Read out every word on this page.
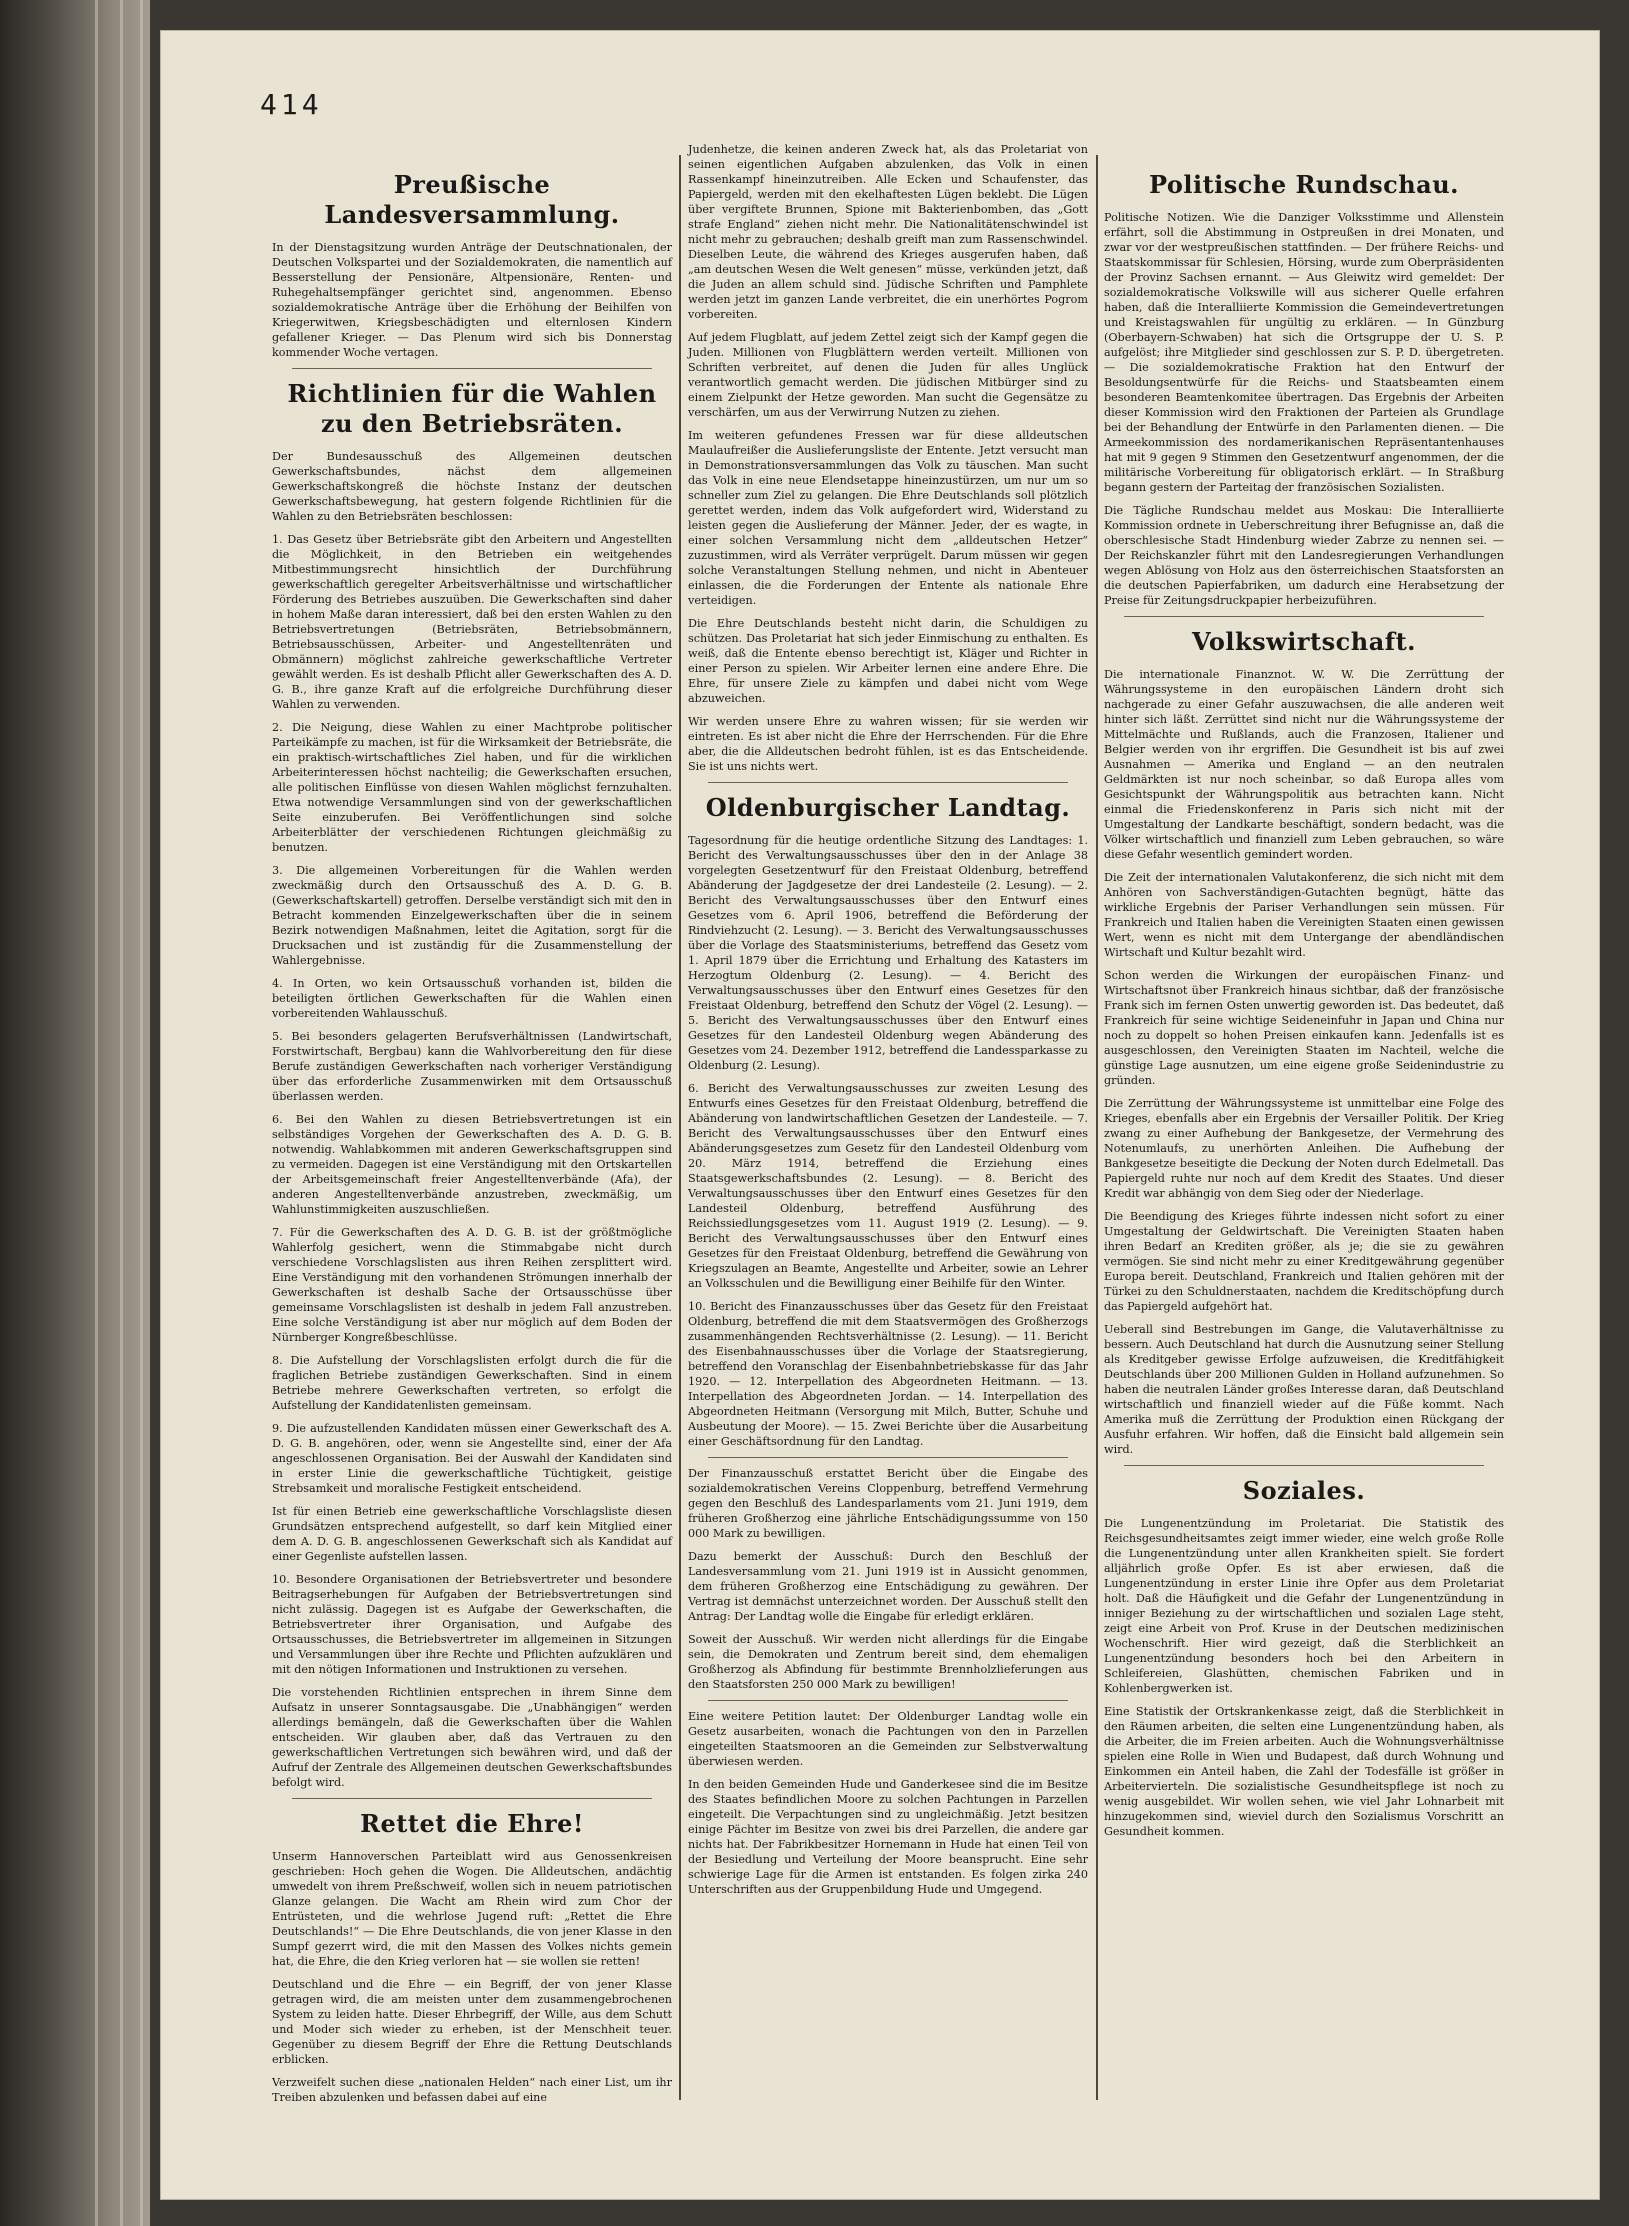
414
Preußische Landesversammlung.

In der Dienstagsitzung wurden Anträge der Deutschnationalen, der Deutschen Volkspartei und der Sozialdemokraten, die namentlich auf Besserstellung der Pensionäre, Altpensionäre, Renten- und Ruhegehaltsempfänger gerichtet sind, angenommen. Ebenso sozialdemokratische Anträge über die Erhöhung der Beihilfen von Kriegerwitwen, Kriegsbeschädigten und elternlosen Kindern gefallener Krieger. — Das Plenum wird sich bis Donnerstag kommender Woche vertagen.

Richtlinien für die Wahlen zu den Betriebsräten.

Der Bundesausschuß des Allgemeinen deutschen Gewerkschaftsbundes, nächst dem allgemeinen Gewerkschaftskongreß die höchste Instanz der deutschen Gewerkschaftsbewegung, hat gestern folgende Richtlinien für die Wahlen zu den Betriebsräten beschlossen:

1. Das Gesetz über Betriebsräte gibt den Arbeitern und Angestellten die Möglichkeit, in den Betrieben ein weitgehendes Mitbestimmungsrecht hinsichtlich der Durchführung gewerkschaftlich geregelter Arbeitsverhältnisse und wirtschaftlicher Förderung des Betriebes auszuüben. Die Gewerkschaften sind daher in hohem Maße daran interessiert, daß bei den ersten Wahlen zu den Betriebsvertretungen (Betriebsräten, Betriebsobmännern, Betriebsausschüssen, Arbeiter- und Angestelltenräten und Obmännern) möglichst zahlreiche gewerkschaftliche Vertreter gewählt werden. Es ist deshalb Pflicht aller Gewerkschaften des A. D. G. B., ihre ganze Kraft auf die erfolgreiche Durchführung dieser Wahlen zu verwenden.

2. Die Neigung, diese Wahlen zu einer Machtprobe politischer Parteikämpfe zu machen, ist für die Wirksamkeit der Betriebsräte, die ein praktisch-wirtschaftliches Ziel haben, und für die wirklichen Arbeiterinteressen höchst nachteilig; die Gewerkschaften ersuchen, alle politischen Einflüsse von diesen Wahlen möglichst fernzuhalten. Etwa notwendige Versammlungen sind von der gewerkschaftlichen Seite einzuberufen. Bei Veröffentlichungen sind solche Arbeiterblätter der verschiedenen Richtungen gleichmäßig zu benutzen.

3. Die allgemeinen Vorbereitungen für die Wahlen werden zweckmäßig durch den Ortsausschuß des A. D. G. B. (Gewerkschaftskartell) getroffen. Derselbe verständigt sich mit den in Betracht kommenden Einzelgewerkschaften über die in seinem Bezirk notwendigen Maßnahmen, leitet die Agitation, sorgt für die Drucksachen und ist zuständig für die Zusammenstellung der Wahlergebnisse.

4. In Orten, wo kein Ortsausschuß vorhanden ist, bilden die beteiligten örtlichen Gewerkschaften für die Wahlen einen vorbereitenden Wahlausschuß.

5. Bei besonders gelagerten Berufsverhältnissen (Landwirtschaft, Forstwirtschaft, Bergbau) kann die Wahlvorbereitung den für diese Berufe zuständigen Gewerkschaften nach vorheriger Verständigung über das erforderliche Zusammenwirken mit dem Ortsausschuß überlassen werden.

6. Bei den Wahlen zu diesen Betriebsvertretungen ist ein selbständiges Vorgehen der Gewerkschaften des A. D. G. B. notwendig. Wahlabkommen mit anderen Gewerkschaftsgruppen sind zu vermeiden. Dagegen ist eine Verständigung mit den Ortskartellen der Arbeitsgemeinschaft freier Angestelltenverbände (Afa), der anderen Angestelltenverbände anzustreben, zweckmäßig, um Wahlunstimmigkeiten auszuschließen.

7. Für die Gewerkschaften des A. D. G. B. ist der größtmögliche Wahlerfolg gesichert, wenn die Stimmabgabe nicht durch verschiedene Vorschlagslisten aus ihren Reihen zersplittert wird. Eine Verständigung mit den vorhandenen Strömungen innerhalb der Gewerkschaften ist deshalb Sache der Ortsausschüsse über gemeinsame Vorschlagslisten ist deshalb in jedem Fall anzustreben. Eine solche Verständigung ist aber nur möglich auf dem Boden der Nürnberger Kongreßbeschlüsse.

8. Die Aufstellung der Vorschlagslisten erfolgt durch die für die fraglichen Betriebe zuständigen Gewerkschaften. Sind in einem Betriebe mehrere Gewerkschaften vertreten, so erfolgt die Aufstellung der Kandidatenlisten gemeinsam.

9. Die aufzustellenden Kandidaten müssen einer Gewerkschaft des A. D. G. B. angehören, oder, wenn sie Angestellte sind, einer der Afa angeschlossenen Organisation. Bei der Auswahl der Kandidaten sind in erster Linie die gewerkschaftliche Tüchtigkeit, geistige Strebsamkeit und moralische Festigkeit entscheidend.

Ist für einen Betrieb eine gewerkschaftliche Vorschlagsliste diesen Grundsätzen entsprechend aufgestellt, so darf kein Mitglied einer dem A. D. G. B. angeschlossenen Gewerkschaft sich als Kandidat auf einer Gegenliste aufstellen lassen.

10. Besondere Organisationen der Betriebsvertreter und besondere Beitragserhebungen für Aufgaben der Betriebsvertretungen sind nicht zulässig. Dagegen ist es Aufgabe der Gewerkschaften, die Betriebsvertreter ihrer Organisation, und Aufgabe des Ortsausschusses, die Betriebsvertreter im allgemeinen in Sitzungen und Versammlungen über ihre Rechte und Pflichten aufzuklären und mit den nötigen Informationen und Instruktionen zu versehen.

Die vorstehenden Richtlinien entsprechen in ihrem Sinne dem Aufsatz in unserer Sonntagsausgabe. Die „Unabhängigen“ werden allerdings bemängeln, daß die Gewerkschaften über die Wahlen entscheiden. Wir glauben aber, daß das Vertrauen zu den gewerkschaftlichen Vertretungen sich bewähren wird, und daß der Aufruf der Zentrale des Allgemeinen deutschen Gewerkschaftsbundes befolgt wird.

Rettet die Ehre!

Unserm Hannoverschen Parteiblatt wird aus Genossenkreisen geschrieben: Hoch gehen die Wogen. Die Alldeutschen, andächtig umwedelt von ihrem Preßschweif, wollen sich in neuem patriotischen Glanze gelangen. Die Wacht am Rhein wird zum Chor der Entrüsteten, und die wehrlose Jugend ruft: „Rettet die Ehre Deutschlands!“ — Die Ehre Deutschlands, die von jener Klasse in den Sumpf gezerrt wird, die mit den Massen des Volkes nichts gemein hat, die Ehre, die den Krieg verloren hat — sie wollen sie retten!

Deutschland und die Ehre — ein Begriff, der von jener Klasse getragen wird, die am meisten unter dem zusammengebrochenen System zu leiden hatte. Dieser Ehrbegriff, der Wille, aus dem Schutt und Moder sich wieder zu erheben, ist der Menschheit teuer. Gegenüber zu diesem Begriff der Ehre die Rettung Deutschlands erblicken.

Verzweifelt suchen diese „nationalen Helden“ nach einer List, um ihr Treiben abzulenken und befassen dabei auf eine

Judenhetze, die keinen anderen Zweck hat, als das Proletariat von seinen eigentlichen Aufgaben abzulenken, das Volk in einen Rassenkampf hineinzutreiben. Alle Ecken und Schaufenster, das Papiergeld, werden mit den ekelhaftesten Lügen beklebt. Die Lügen über vergiftete Brunnen, Spione mit Bakterienbomben, das „Gott strafe England“ ziehen nicht mehr. Die Nationalitätenschwindel ist nicht mehr zu gebrauchen; deshalb greift man zum Rassenschwindel. Dieselben Leute, die während des Krieges ausgerufen haben, daß „am deutschen Wesen die Welt genesen“ müsse, verkünden jetzt, daß die Juden an allem schuld sind. Jüdische Schriften und Pamphlete werden jetzt im ganzen Lande verbreitet, die ein unerhörtes Pogrom vorbereiten.

Auf jedem Flugblatt, auf jedem Zettel zeigt sich der Kampf gegen die Juden. Millionen von Flugblättern werden verteilt. Millionen von Schriften verbreitet, auf denen die Juden für alles Unglück verantwortlich gemacht werden. Die jüdischen Mitbürger sind zu einem Zielpunkt der Hetze geworden. Man sucht die Gegensätze zu verschärfen, um aus der Verwirrung Nutzen zu ziehen.

Im weiteren gefundenes Fressen war für diese alldeutschen Maulaufreißer die Auslieferungsliste der Entente. Jetzt versucht man in Demonstrationsversammlungen das Volk zu täuschen. Man sucht das Volk in eine neue Elendsetappe hineinzustürzen, um nur um so schneller zum Ziel zu gelangen. Die Ehre Deutschlands soll plötzlich gerettet werden, indem das Volk aufgefordert wird, Widerstand zu leisten gegen die Auslieferung der Männer. Jeder, der es wagte, in einer solchen Versammlung nicht dem „alldeutschen Hetzer“ zuzustimmen, wird als Verräter verprügelt. Darum müssen wir gegen solche Veranstaltungen Stellung nehmen, und nicht in Abenteuer einlassen, die die Forderungen der Entente als nationale Ehre verteidigen.

Die Ehre Deutschlands besteht nicht darin, die Schuldigen zu schützen. Das Proletariat hat sich jeder Einmischung zu enthalten. Es weiß, daß die Entente ebenso berechtigt ist, Kläger und Richter in einer Person zu spielen. Wir Arbeiter lernen eine andere Ehre. Die Ehre, für unsere Ziele zu kämpfen und dabei nicht vom Wege abzuweichen.

Wir werden unsere Ehre zu wahren wissen; für sie werden wir eintreten. Es ist aber nicht die Ehre der Herrschenden. Für die Ehre aber, die die Alldeutschen bedroht fühlen, ist es das Entscheidende. Sie ist uns nichts wert.

Oldenburgischer Landtag.

Tagesordnung für die heutige ordentliche Sitzung des Landtages: 1. Bericht des Verwaltungsausschusses über den in der Anlage 38 vorgelegten Gesetzentwurf für den Freistaat Oldenburg, betreffend Abänderung der Jagdgesetze der drei Landesteile (2. Lesung). — 2. Bericht des Verwaltungsausschusses über den Entwurf eines Gesetzes vom 6. April 1906, betreffend die Beförderung der Rindviehzucht (2. Lesung). — 3. Bericht des Verwaltungsausschusses über die Vorlage des Staatsministeriums, betreffend das Gesetz vom 1. April 1879 über die Errichtung und Erhaltung des Katasters im Herzogtum Oldenburg (2. Lesung). — 4. Bericht des Verwaltungsausschusses über den Entwurf eines Gesetzes für den Freistaat Oldenburg, betreffend den Schutz der Vögel (2. Lesung). — 5. Bericht des Verwaltungsausschusses über den Entwurf eines Gesetzes für den Landesteil Oldenburg wegen Abänderung des Gesetzes vom 24. Dezember 1912, betreffend die Landessparkasse zu Oldenburg (2. Lesung).

6. Bericht des Verwaltungsausschusses zur zweiten Lesung des Entwurfs eines Gesetzes für den Freistaat Oldenburg, betreffend die Abänderung von landwirtschaftlichen Gesetzen der Landesteile. — 7. Bericht des Verwaltungsausschusses über den Entwurf eines Abänderungsgesetzes zum Gesetz für den Landesteil Oldenburg vom 20. März 1914, betreffend die Erziehung eines Staatsgewerkschaftsbundes (2. Lesung). — 8. Bericht des Verwaltungsausschusses über den Entwurf eines Gesetzes für den Landesteil Oldenburg, betreffend Ausführung des Reichssiedlungsgesetzes vom 11. August 1919 (2. Lesung). — 9. Bericht des Verwaltungsausschusses über den Entwurf eines Gesetzes für den Freistaat Oldenburg, betreffend die Gewährung von Kriegszulagen an Beamte, Angestellte und Arbeiter, sowie an Lehrer an Volksschulen und die Bewilligung einer Beihilfe für den Winter.

10. Bericht des Finanzausschusses über das Gesetz für den Freistaat Oldenburg, betreffend die mit dem Staatsvermögen des Großherzogs zusammenhängenden Rechtsverhältnisse (2. Lesung). — 11. Bericht des Eisenbahnausschusses über die Vorlage der Staatsregierung, betreffend den Voranschlag der Eisenbahnbetriebskasse für das Jahr 1920. — 12. Interpellation des Abgeordneten Heitmann. — 13. Interpellation des Abgeordneten Jordan. — 14. Interpellation des Abgeordneten Heitmann (Versorgung mit Milch, Butter, Schuhe und Ausbeutung der Moore). — 15. Zwei Berichte über die Ausarbeitung einer Geschäftsordnung für den Landtag.

Der Finanzausschuß erstattet Bericht über die Eingabe des sozialdemokratischen Vereins Cloppenburg, betreffend Vermehrung gegen den Beschluß des Landesparlaments vom 21. Juni 1919, dem früheren Großherzog eine jährliche Entschädigungssumme von 150 000 Mark zu bewilligen.

Dazu bemerkt der Ausschuß: Durch den Beschluß der Landesversammlung vom 21. Juni 1919 ist in Aussicht genommen, dem früheren Großherzog eine Entschädigung zu gewähren. Der Vertrag ist demnächst unterzeichnet worden. Der Ausschuß stellt den Antrag: Der Landtag wolle die Eingabe für erledigt erklären.

Soweit der Ausschuß. Wir werden nicht allerdings für die Eingabe sein, die Demokraten und Zentrum bereit sind, dem ehemaligen Großherzog als Abfindung für bestimmte Brennholzlieferungen aus den Staatsforsten 250 000 Mark zu bewilligen!

Eine weitere Petition lautet: Der Oldenburger Landtag wolle ein Gesetz ausarbeiten, wonach die Pachtungen von den in Parzellen eingeteilten Staatsmooren an die Gemeinden zur Selbstverwaltung überwiesen werden.

In den beiden Gemeinden Hude und Ganderkesee sind die im Besitze des Staates befindlichen Moore zu solchen Pachtungen in Parzellen eingeteilt. Die Verpachtungen sind zu ungleichmäßig. Jetzt besitzen einige Pächter im Besitze von zwei bis drei Parzellen, die andere gar nichts hat. Der Fabrikbesitzer Hornemann in Hude hat einen Teil von der Besiedlung und Verteilung der Moore beansprucht. Eine sehr schwierige Lage für die Armen ist entstanden. Es folgen zirka 240 Unterschriften aus der Gruppenbildung Hude und Umgegend.

Politische Rundschau.

Politische Notizen. Wie die Danziger Volksstimme und Allenstein erfährt, soll die Abstimmung in Ostpreußen in drei Monaten, und zwar vor der westpreußischen stattfinden. — Der frühere Reichs- und Staatskommissar für Schlesien, Hörsing, wurde zum Oberpräsidenten der Provinz Sachsen ernannt. — Aus Gleiwitz wird gemeldet: Der sozialdemokratische Volkswille will aus sicherer Quelle erfahren haben, daß die Interalliierte Kommission die Gemeindevertretungen und Kreistagswahlen für ungültig zu erklären. — In Günzburg (Oberbayern-Schwaben) hat sich die Ortsgruppe der U. S. P. aufgelöst; ihre Mitglieder sind geschlossen zur S. P. D. übergetreten. — Die sozialdemokratische Fraktion hat den Entwurf der Besoldungsentwürfe für die Reichs- und Staatsbeamten einem besonderen Beamtenkomitee übertragen. Das Ergebnis der Arbeiten dieser Kommission wird den Fraktionen der Parteien als Grundlage bei der Behandlung der Entwürfe in den Parlamenten dienen. — Die Armeekommission des nordamerikanischen Repräsentantenhauses hat mit 9 gegen 9 Stimmen den Gesetzentwurf angenommen, der die militärische Vorbereitung für obligatorisch erklärt. — In Straßburg begann gestern der Parteitag der französischen Sozialisten.

Die Tägliche Rundschau meldet aus Moskau: Die Interalliierte Kommission ordnete in Ueberschreitung ihrer Befugnisse an, daß die oberschlesische Stadt Hindenburg wieder Zabrze zu nennen sei. — Der Reichskanzler führt mit den Landesregierungen Verhandlungen wegen Ablösung von Holz aus den österreichischen Staatsforsten an die deutschen Papierfabriken, um dadurch eine Herabsetzung der Preise für Zeitungsdruckpapier herbeizuführen.

Volkswirtschaft.

Die internationale Finanznot. W. W. Die Zerrüttung der Währungssysteme in den europäischen Ländern droht sich nachgerade zu einer Gefahr auszuwachsen, die alle anderen weit hinter sich läßt. Zerrüttet sind nicht nur die Währungssysteme der Mittelmächte und Rußlands, auch die Franzosen, Italiener und Belgier werden von ihr ergriffen. Die Gesundheit ist bis auf zwei Ausnahmen — Amerika und England — an den neutralen Geldmärkten ist nur noch scheinbar, so daß Europa alles vom Gesichtspunkt der Währungspolitik aus betrachten kann. Nicht einmal die Friedenskonferenz in Paris sich nicht mit der Umgestaltung der Landkarte beschäftigt, sondern bedacht, was die Völker wirtschaftlich und finanziell zum Leben gebrauchen, so wäre diese Gefahr wesentlich gemindert worden.

Die Zeit der internationalen Valutakonferenz, die sich nicht mit dem Anhören von Sachverständigen-Gutachten begnügt, hätte das wirkliche Ergebnis der Pariser Verhandlungen sein müssen. Für Frankreich und Italien haben die Vereinigten Staaten einen gewissen Wert, wenn es nicht mit dem Untergange der abendländischen Wirtschaft und Kultur bezahlt wird.

Schon werden die Wirkungen der europäischen Finanz- und Wirtschaftsnot über Frankreich hinaus sichtbar, daß der französische Frank sich im fernen Osten unwertig geworden ist. Das bedeutet, daß Frankreich für seine wichtige Seideneinfuhr in Japan und China nur noch zu doppelt so hohen Preisen einkaufen kann. Jedenfalls ist es ausgeschlossen, den Vereinigten Staaten im Nachteil, welche die günstige Lage ausnutzen, um eine eigene große Seidenindustrie zu gründen.

Die Zerrüttung der Währungssysteme ist unmittelbar eine Folge des Krieges, ebenfalls aber ein Ergebnis der Versailler Politik. Der Krieg zwang zu einer Aufhebung der Bankgesetze, der Vermehrung des Notenumlaufs, zu unerhörten Anleihen. Die Aufhebung der Bankgesetze beseitigte die Deckung der Noten durch Edelmetall. Das Papiergeld ruhte nur noch auf dem Kredit des Staates. Und dieser Kredit war abhängig von dem Sieg oder der Niederlage.

Die Beendigung des Krieges führte indessen nicht sofort zu einer Umgestaltung der Geldwirtschaft. Die Vereinigten Staaten haben ihren Bedarf an Krediten größer, als je; die sie zu gewähren vermögen. Sie sind nicht mehr zu einer Kreditgewährung gegenüber Europa bereit. Deutschland, Frankreich und Italien gehören mit der Türkei zu den Schuldnerstaaten, nachdem die Kreditschöpfung durch das Papiergeld aufgehört hat.

Ueberall sind Bestrebungen im Gange, die Valutaverhältnisse zu bessern. Auch Deutschland hat durch die Ausnutzung seiner Stellung als Kreditgeber gewisse Erfolge aufzuweisen, die Kreditfähigkeit Deutschlands über 200 Millionen Gulden in Holland aufzunehmen. So haben die neutralen Länder großes Interesse daran, daß Deutschland wirtschaftlich und finanziell wieder auf die Füße kommt. Nach Amerika muß die Zerrüttung der Produktion einen Rückgang der Ausfuhr erfahren. Wir hoffen, daß die Einsicht bald allgemein sein wird.

Soziales.

Die Lungenentzündung im Proletariat. Die Statistik des Reichsgesundheitsamtes zeigt immer wieder, eine welch große Rolle die Lungenentzündung unter allen Krankheiten spielt. Sie fordert alljährlich große Opfer. Es ist aber erwiesen, daß die Lungenentzündung in erster Linie ihre Opfer aus dem Proletariat holt. Daß die Häufigkeit und die Gefahr der Lungenentzündung in inniger Beziehung zu der wirtschaftlichen und sozialen Lage steht, zeigt eine Arbeit von Prof. Kruse in der Deutschen medizinischen Wochenschrift. Hier wird gezeigt, daß die Sterblichkeit an Lungenentzündung besonders hoch bei den Arbeitern in Schleifereien, Glashütten, chemischen Fabriken und in Kohlenbergwerken ist.

Eine Statistik der Ortskrankenkasse zeigt, daß die Sterblichkeit in den Räumen arbeiten, die selten eine Lungenentzündung haben, als die Arbeiter, die im Freien arbeiten. Auch die Wohnungsverhältnisse spielen eine Rolle in Wien und Budapest, daß durch Wohnung und Einkommen ein Anteil haben, die Zahl der Todesfälle ist größer in Arbeitervierteln. Die sozialistische Gesundheitspflege ist noch zu wenig ausgebildet. Wir wollen sehen, wie viel Jahr Lohnarbeit mit hinzugekommen sind, wieviel durch den Sozialismus Vorschritt an Gesundheit kommen.
